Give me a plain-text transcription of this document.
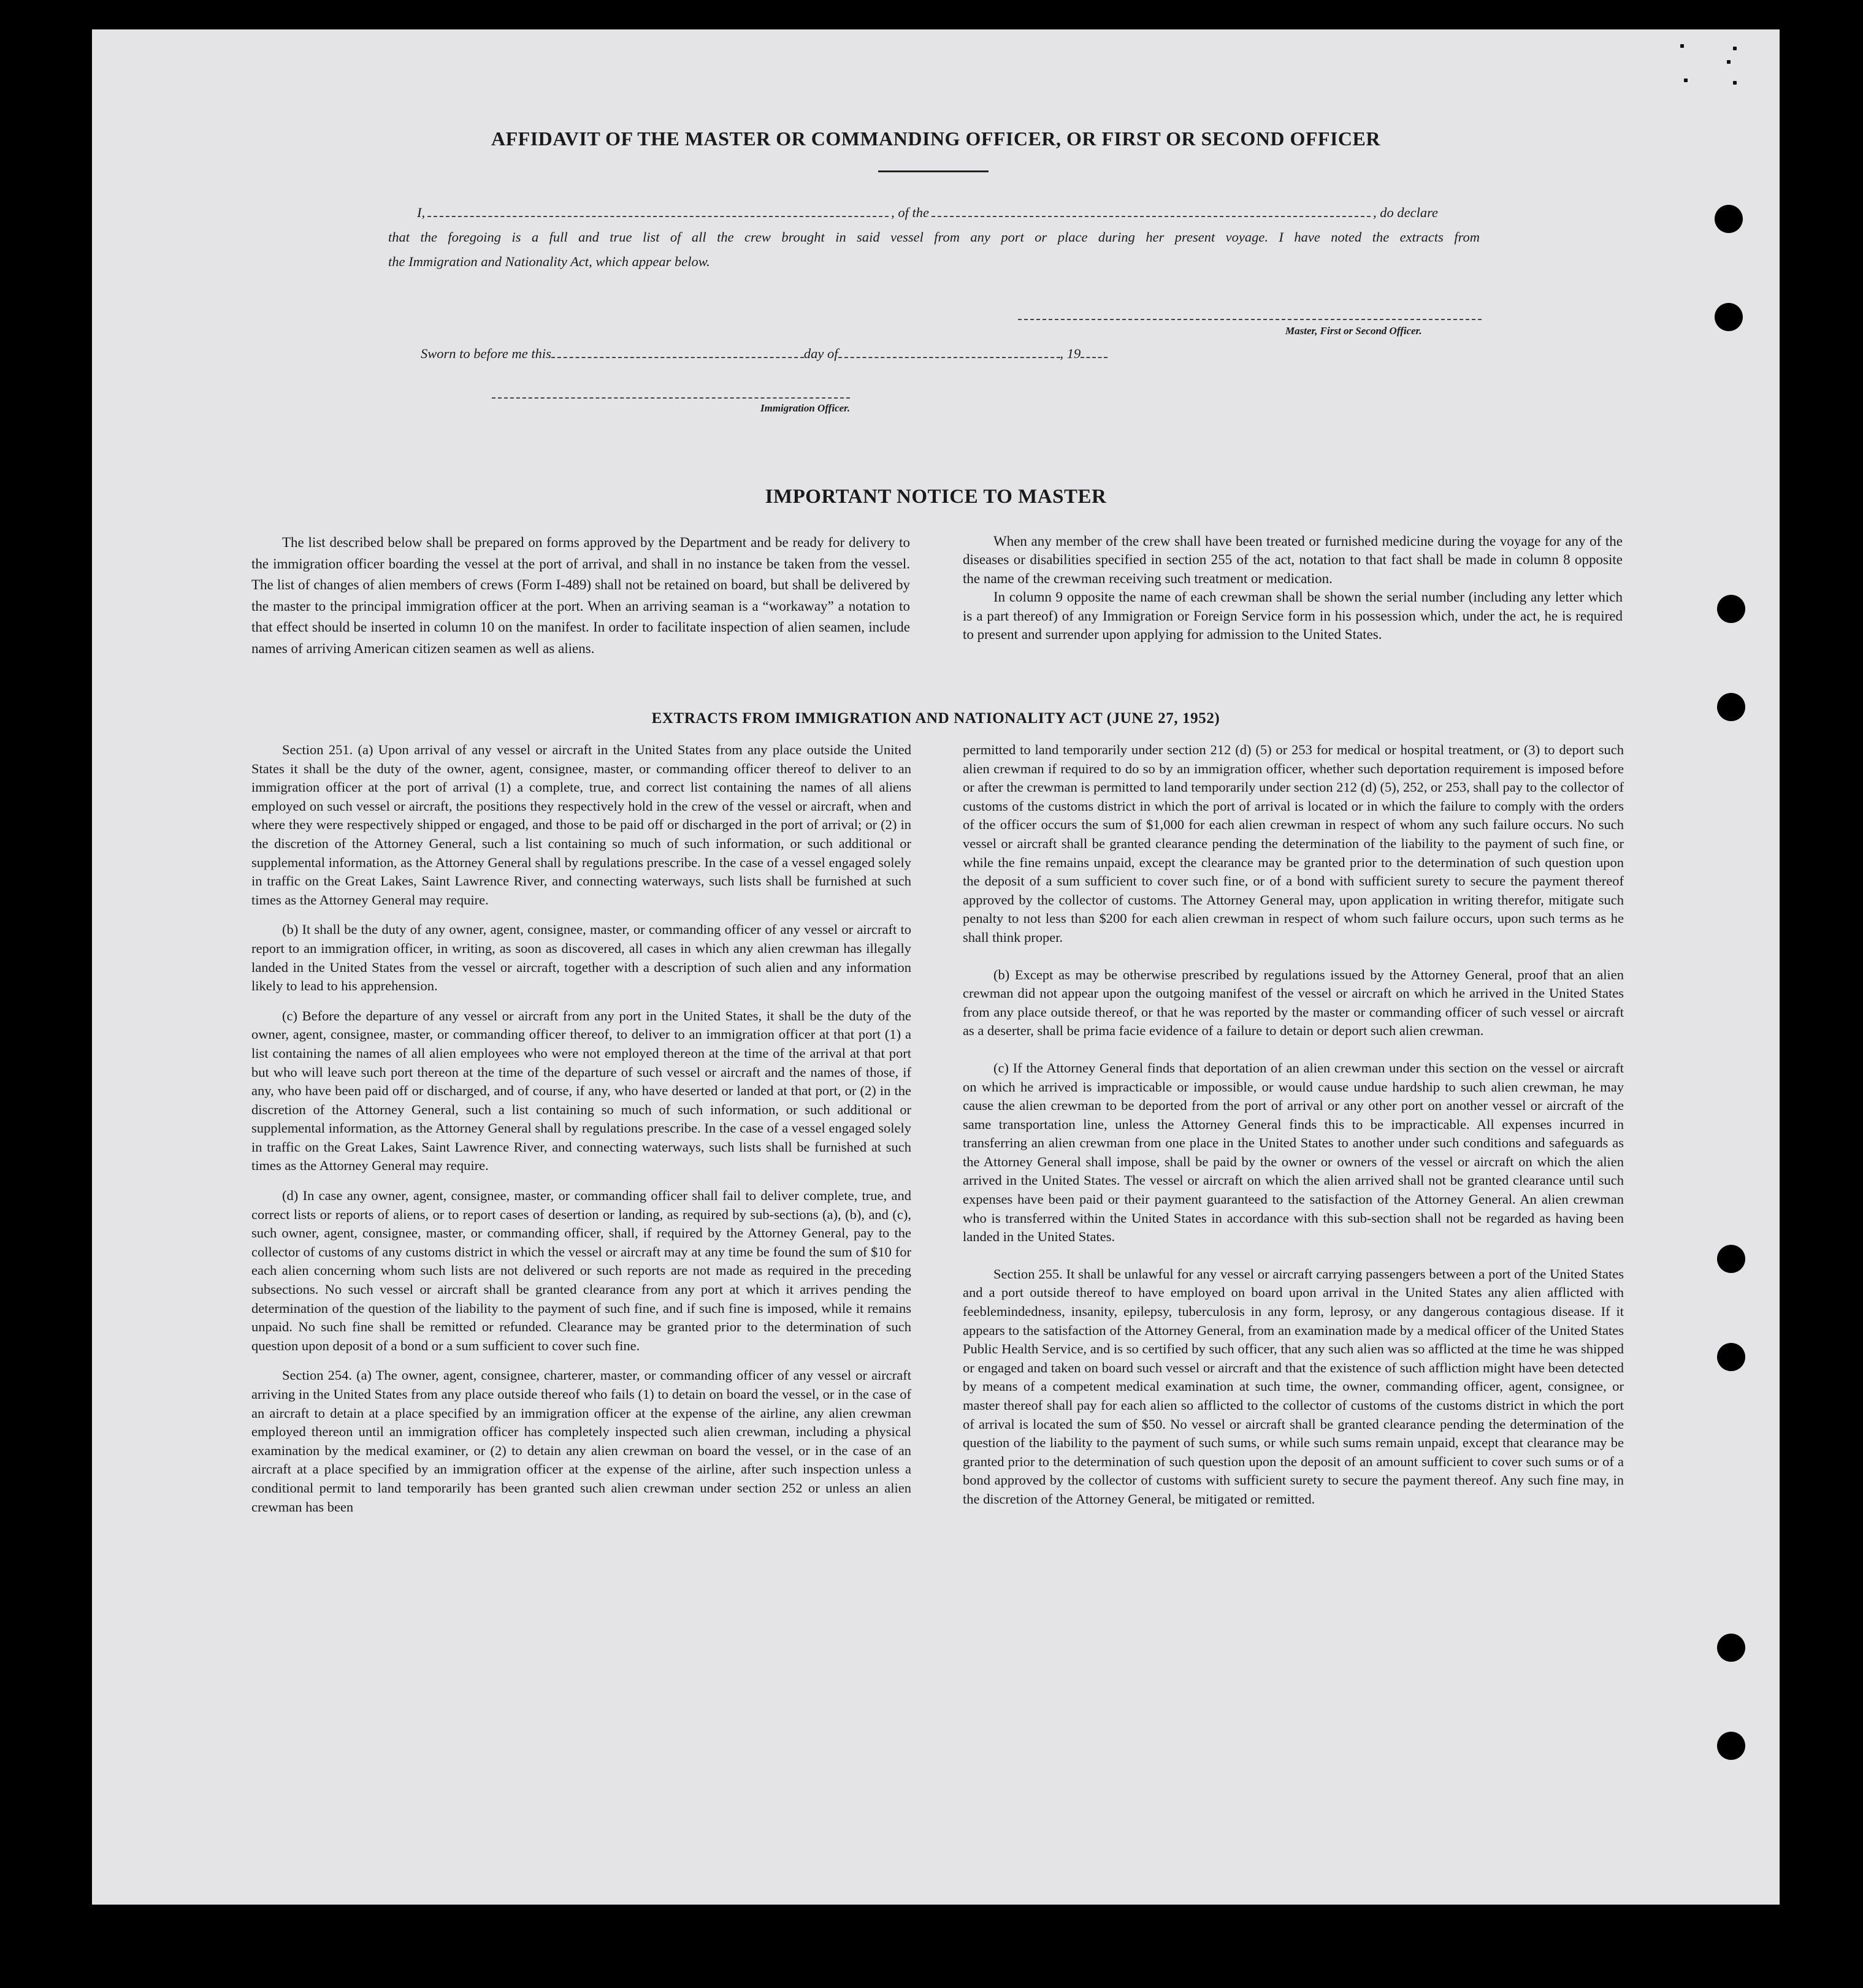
AFFIDAVIT OF THE MASTER OR COMMANDING OFFICER, OR FIRST OR SECOND OFFICER
I,	, of the	, do declare
that the foregoing is a full and true list of all the crew brought in said vessel from any port or place during her present voyage. I have noted the extracts from
the Immigration and Nationality Act, which appear below.
Master, First or Second Officer.
Sworn to before me this	day of	, 19
Immigration Officer.
IMPORTANT NOTICE TO MASTER

The list described below shall be prepared on forms approved by the Department and be ready for delivery to the immigration officer boarding the vessel at the port of arrival, and shall in no instance be taken from the vessel. The list of changes of alien members of crews (Form I-489) shall not be retained on board, but shall be delivered by the master to the principal immigration officer at the port. When an arriving seaman is a “workaway” a notation to that effect should be inserted in column 10 on the manifest. In order to facilitate inspection of alien seamen, include names of arriving American citizen seamen as well as aliens.

When any member of the crew shall have been treated or furnished medicine during the voyage for any of the diseases or disabilities specified in section 255 of the act, notation to that fact shall be made in column 8 opposite the name of the crewman receiving such treatment or medication.

In column 9 opposite the name of each crewman shall be shown the serial number (including any letter which is a part thereof) of any Immigration or Foreign Service form in his possession which, under the act, he is required to present and surrender upon applying for admission to the United States.

EXTRACTS FROM IMMIGRATION AND NATIONALITY ACT (JUNE 27, 1952)

Section 251. (a) Upon arrival of any vessel or aircraft in the United States from any place outside the United States it shall be the duty of the owner, agent, consignee, master, or commanding officer thereof to deliver to an immigration officer at the port of arrival (1) a complete, true, and correct list containing the names of all aliens employed on such vessel or aircraft, the positions they respectively hold in the crew of the vessel or aircraft, when and where they were respectively shipped or engaged, and those to be paid off or discharged in the port of arrival; or (2) in the discretion of the Attorney General, such a list containing so much of such information, or such additional or supplemental information, as the Attorney General shall by regulations prescribe. In the case of a vessel engaged solely in traffic on the Great Lakes, Saint Lawrence River, and connecting waterways, such lists shall be furnished at such times as the Attorney General may require.

(b) It shall be the duty of any owner, agent, consignee, master, or commanding officer of any vessel or aircraft to report to an immigration officer, in writing, as soon as discovered, all cases in which any alien crewman has illegally landed in the United States from the vessel or aircraft, together with a description of such alien and any information likely to lead to his apprehension.

(c) Before the departure of any vessel or aircraft from any port in the United States, it shall be the duty of the owner, agent, consignee, master, or commanding officer thereof, to deliver to an immigration officer at that port (1) a list containing the names of all alien employees who were not employed thereon at the time of the arrival at that port but who will leave such port thereon at the time of the departure of such vessel or aircraft and the names of those, if any, who have been paid off or discharged, and of course, if any, who have deserted or landed at that port, or (2) in the discretion of the Attorney General, such a list containing so much of such information, or such additional or supplemental information, as the Attorney General shall by regulations prescribe. In the case of a vessel engaged solely in traffic on the Great Lakes, Saint Lawrence River, and connecting waterways, such lists shall be furnished at such times as the Attorney General may require.

(d) In case any owner, agent, consignee, master, or commanding officer shall fail to deliver complete, true, and correct lists or reports of aliens, or to report cases of desertion or landing, as required by sub-sections (a), (b), and (c), such owner, agent, consignee, master, or commanding officer, shall, if required by the Attorney General, pay to the collector of customs of any customs district in which the vessel or aircraft may at any time be found the sum of $10 for each alien concerning whom such lists are not delivered or such reports are not made as required in the preceding subsections. No such vessel or aircraft shall be granted clearance from any port at which it arrives pending the determination of the question of the liability to the payment of such fine, and if such fine is imposed, while it remains unpaid. No such fine shall be remitted or refunded. Clearance may be granted prior to the determination of such question upon deposit of a bond or a sum sufficient to cover such fine.

Section 254. (a) The owner, agent, consignee, charterer, master, or commanding officer of any vessel or aircraft arriving in the United States from any place outside thereof who fails (1) to detain on board the vessel, or in the case of an aircraft to detain at a place specified by an immigration officer at the expense of the airline, any alien crewman employed thereon until an immigration officer has completely inspected such alien crewman, including a physical examination by the medical examiner, or (2) to detain any alien crewman on board the vessel, or in the case of an aircraft at a place specified by an immigration officer at the expense of the airline, after such inspection unless a conditional permit to land temporarily has been granted such alien crewman under section 252 or unless an alien crewman has been

permitted to land temporarily under section 212 (d) (5) or 253 for medical or hospital treatment, or (3) to deport such alien crewman if required to do so by an immigration officer, whether such deportation requirement is imposed before or after the crewman is permitted to land temporarily under section 212 (d) (5), 252, or 253, shall pay to the collector of customs of the customs district in which the port of arrival is located or in which the failure to comply with the orders of the officer occurs the sum of $1,000 for each alien crewman in respect of whom any such failure occurs. No such vessel or aircraft shall be granted clearance pending the determination of the liability to the payment of such fine, or while the fine remains unpaid, except the clearance may be granted prior to the determination of such question upon the deposit of a sum sufficient to cover such fine, or of a bond with sufficient surety to secure the payment thereof approved by the collector of customs. The Attorney General may, upon application in writing therefor, mitigate such penalty to not less than $200 for each alien crewman in respect of whom such failure occurs, upon such terms as he shall think proper.

(b) Except as may be otherwise prescribed by regulations issued by the Attorney General, proof that an alien crewman did not appear upon the outgoing manifest of the vessel or aircraft on which he arrived in the United States from any place outside thereof, or that he was reported by the master or commanding officer of such vessel or aircraft as a deserter, shall be prima facie evidence of a failure to detain or deport such alien crewman.

(c) If the Attorney General finds that deportation of an alien crewman under this section on the vessel or aircraft on which he arrived is impracticable or impossible, or would cause undue hardship to such alien crewman, he may cause the alien crewman to be deported from the port of arrival or any other port on another vessel or aircraft of the same transportation line, unless the Attorney General finds this to be impracticable. All expenses incurred in transferring an alien crewman from one place in the United States to another under such conditions and safeguards as the Attorney General shall impose, shall be paid by the owner or owners of the vessel or aircraft on which the alien arrived in the United States. The vessel or aircraft on which the alien arrived shall not be granted clearance until such expenses have been paid or their payment guaranteed to the satisfaction of the Attorney General. An alien crewman who is transferred within the United States in accordance with this sub-section shall not be regarded as having been landed in the United States.

Section 255. It shall be unlawful for any vessel or aircraft carrying passengers between a port of the United States and a port outside thereof to have employed on board upon arrival in the United States any alien afflicted with feeblemindedness, insanity, epilepsy, tuberculosis in any form, leprosy, or any dangerous contagious disease. If it appears to the satisfaction of the Attorney General, from an examination made by a medical officer of the United States Public Health Service, and is so certified by such officer, that any such alien was so afflicted at the time he was shipped or engaged and taken on board such vessel or aircraft and that the existence of such affliction might have been detected by means of a competent medical examination at such time, the owner, commanding officer, agent, consignee, or master thereof shall pay for each alien so afflicted to the collector of customs of the customs district in which the port of arrival is located the sum of $50. No vessel or aircraft shall be granted clearance pending the determination of the question of the liability to the payment of such sums, or while such sums remain unpaid, except that clearance may be granted prior to the determination of such question upon the deposit of an amount sufficient to cover such sums or of a bond approved by the collector of customs with sufficient surety to secure the payment thereof. Any such fine may, in the discretion of the Attorney General, be mitigated or remitted.
